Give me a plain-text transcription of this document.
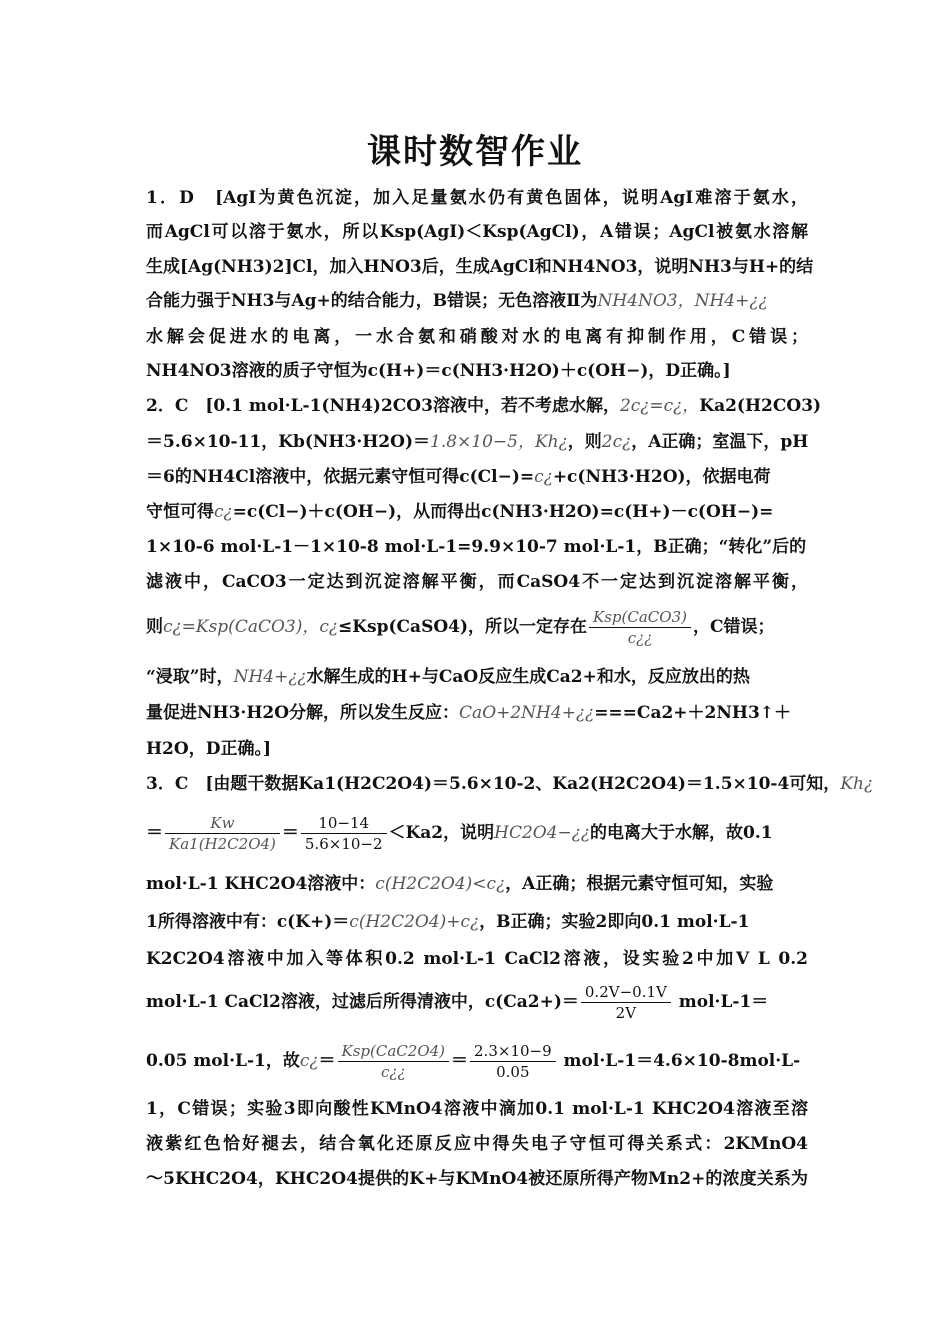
课时数智作业
1．D　[AgI为黄色沉淀，加入足量氨水仍有黄色固体，说明AgI难溶于氨水，
而AgCl可以溶于氨水，所以Ksp(AgI)＜Ksp(AgCl)，A错误；AgCl被氨水溶解
生成[Ag(NH3)2]Cl，加入HNO3后，生成AgCl和NH4NO3，说明NH3与H+的结
合能力强于NH3与Ag+的结合能力，B错误；无色溶液Ⅱ为NH4NO3，NH4+¿¿
水解会促进水的电离，一水合氨和硝酸对水的电离有抑制作用，C错误；
NH4NO3溶液的质子守恒为c(H+)＝c(NH3·H2O)＋c(OH−)，D正确。]
2．C　[0.1 mol·L-1(NH4)2CO3溶液中，若不考虑水解，2c¿=c¿，Ka2(H2CO3)
＝5.6×10-11，Kb(NH3·H2O)＝1.8×10−5，Kh¿，则2c¿，A正确；室温下，pH
＝6的NH4Cl溶液中，依据元素守恒可得c(Cl−)=c¿+c(NH3·H2O)，依据电荷
守恒可得c¿=c(Cl−)＋c(OH−)，从而得出c(NH3·H2O)=c(H+)－c(OH−)=
1×10-6 mol·L-1－1×10-8 mol·L-1=9.9×10-7 mol·L-1，B正确；“转化”后的
滤液中，CaCO3一定达到沉淀溶解平衡，而CaSO4不一定达到沉淀溶解平衡，
则c¿=Ksp(CaCO3)，c¿≤Ksp(CaSO4)，所以一定存在 $\frac{\text{Ksp(CaCO3)}}{c¿¿}$ ，C错误；
“浸取”时，NH4+¿¿水解生成的H+与CaO反应生成Ca2+和水，反应放出的热
量促进NH3·H2O分解，所以发生反应：CaO+2NH4+¿¿===Ca2+＋2NH3↑＋
H2O，D正确。]
3．C　[由题干数据Ka1(H2C2O4)＝5.6×10-2、Ka2(H2C2O4)＝1.5×10-4可知，Kh¿
＝ $\frac{Kw}{Ka1(H2C2O4)} = \frac{10-14}{5.6\times 10-2} <Ka2$，说明HC2O4−¿¿的电离大于水解，故0.1
mol·L-1 KHC2O4溶液中：c(H2C2O4)<c¿，A正确；根据元素守恒可知，实验
1所得溶液中有：c(K+)＝c(H2C2O4)+c¿，B正确；实验2即向0.1 mol·L-1
K2C2O4溶液中加入等体积0.2 mol·L-1 CaCl2溶液，设实验2中加V L 0.2
mol·L-1 CaCl2溶液，过滤后所得清液中，$c(Ca2+)= \frac{0.2V-0.1V}{2V} mol\cdot L-1=$
0.05 mol·L-1，故c¿＝ $\frac{\text{Ksp(CaC2O4)}}{c¿¿} = \frac{2.3\times 10-9}{0.05} mol\cdot L-1=4.6\times 10-8mol\cdot L-$
1，C错误；实验3即向酸性KMnO4溶液中滴加0.1 mol·L-1 KHC2O4溶液至溶
液紫红色恰好褪去，结合氧化还原反应中得失电子守恒可得关系式：2KMnO4
～5KHC2O4，KHC2O4提供的K+与KMnO4被还原所得产物Mn2+的浓度关系为
